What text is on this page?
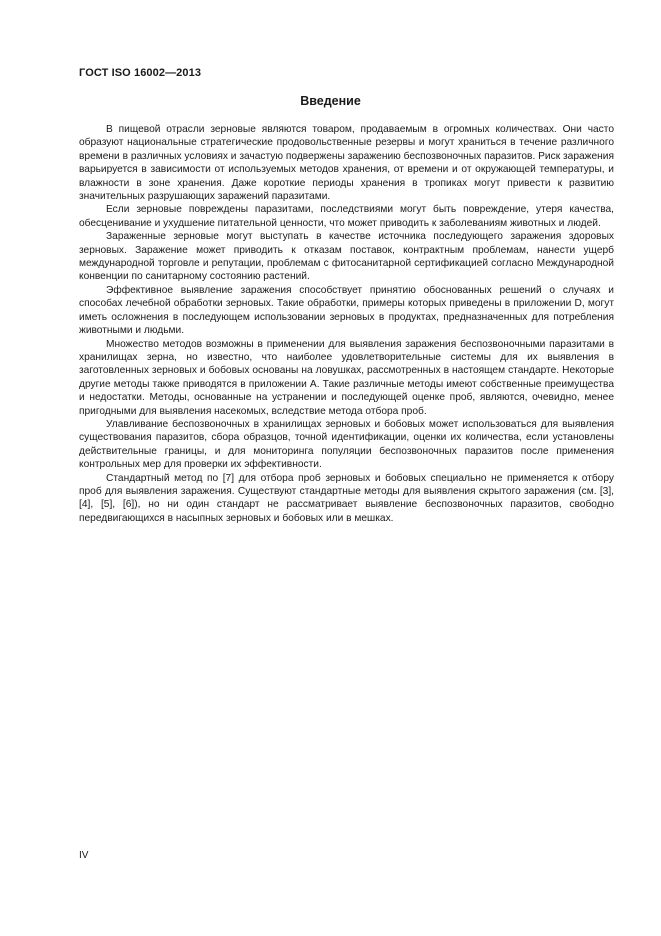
ГОСТ ISO 16002—2013
Введение

В пищевой отрасли зерновые являются товаром, продаваемым в огромных количествах. Они часто образуют национальные стратегические продовольственные резервы и могут храниться в течение различного времени в различных условиях и зачастую подвержены заражению беспозвоночных паразитов. Риск заражения варьируется в зависимости от используемых методов хранения, от времени и от окружающей температуры, и влажности в зоне хранения. Даже короткие периоды хранения в тропиках могут привести к развитию значительных разрушающих заражений паразитами.

Если зерновые повреждены паразитами, последствиями могут быть повреждение, утеря качества, обесценивание и ухудшение питательной ценности, что может приводить к заболеваниям животных и людей.

Зараженные зерновые могут выступать в качестве источника последующего заражения здоровых зерновых. Заражение может приводить к отказам поставок, контрактным проблемам, нанести ущерб международной торговле и репутации, проблемам с фитосанитарной сертификацией согласно Международной конвенции по санитарному состоянию растений.

Эффективное выявление заражения способствует принятию обоснованных решений о случаях и способах лечебной обработки зерновых. Такие обработки, примеры которых приведены в приложении D, могут иметь осложнения в последующем использовании зерновых в продуктах, предназначенных для потребления животными и людьми.

Множество методов возможны в применении для выявления заражения беспозвоночными паразитами в хранилищах зерна, но известно, что наиболее удовлетворительные системы для их выявления в заготовленных зерновых и бобовых основаны на ловушках, рассмотренных в настоящем стандарте. Некоторые другие методы также приводятся в приложении А. Такие различные методы имеют собственные преимущества и недостатки. Методы, основанные на устранении и последующей оценке проб, являются, очевидно, менее пригодными для выявления насекомых, вследствие метода отбора проб.

Улавливание беспозвоночных в хранилищах зерновых и бобовых может использоваться для выявления существования паразитов, сбора образцов, точной идентификации, оценки их количества, если установлены действительные границы, и для мониторинга популяции беспозвоночных паразитов после применения контрольных мер для проверки их эффективности.

Стандартный метод по [7] для отбора проб зерновых и бобовых специально не применяется к отбору проб для выявления заражения. Существуют стандартные методы для выявления скрытого заражения (см. [3], [4], [5], [6]), но ни один стандарт не рассматривает выявление беспозвоночных паразитов, свободно передвигающихся в насыпных зерновых и бобовых или в мешках.

IV
